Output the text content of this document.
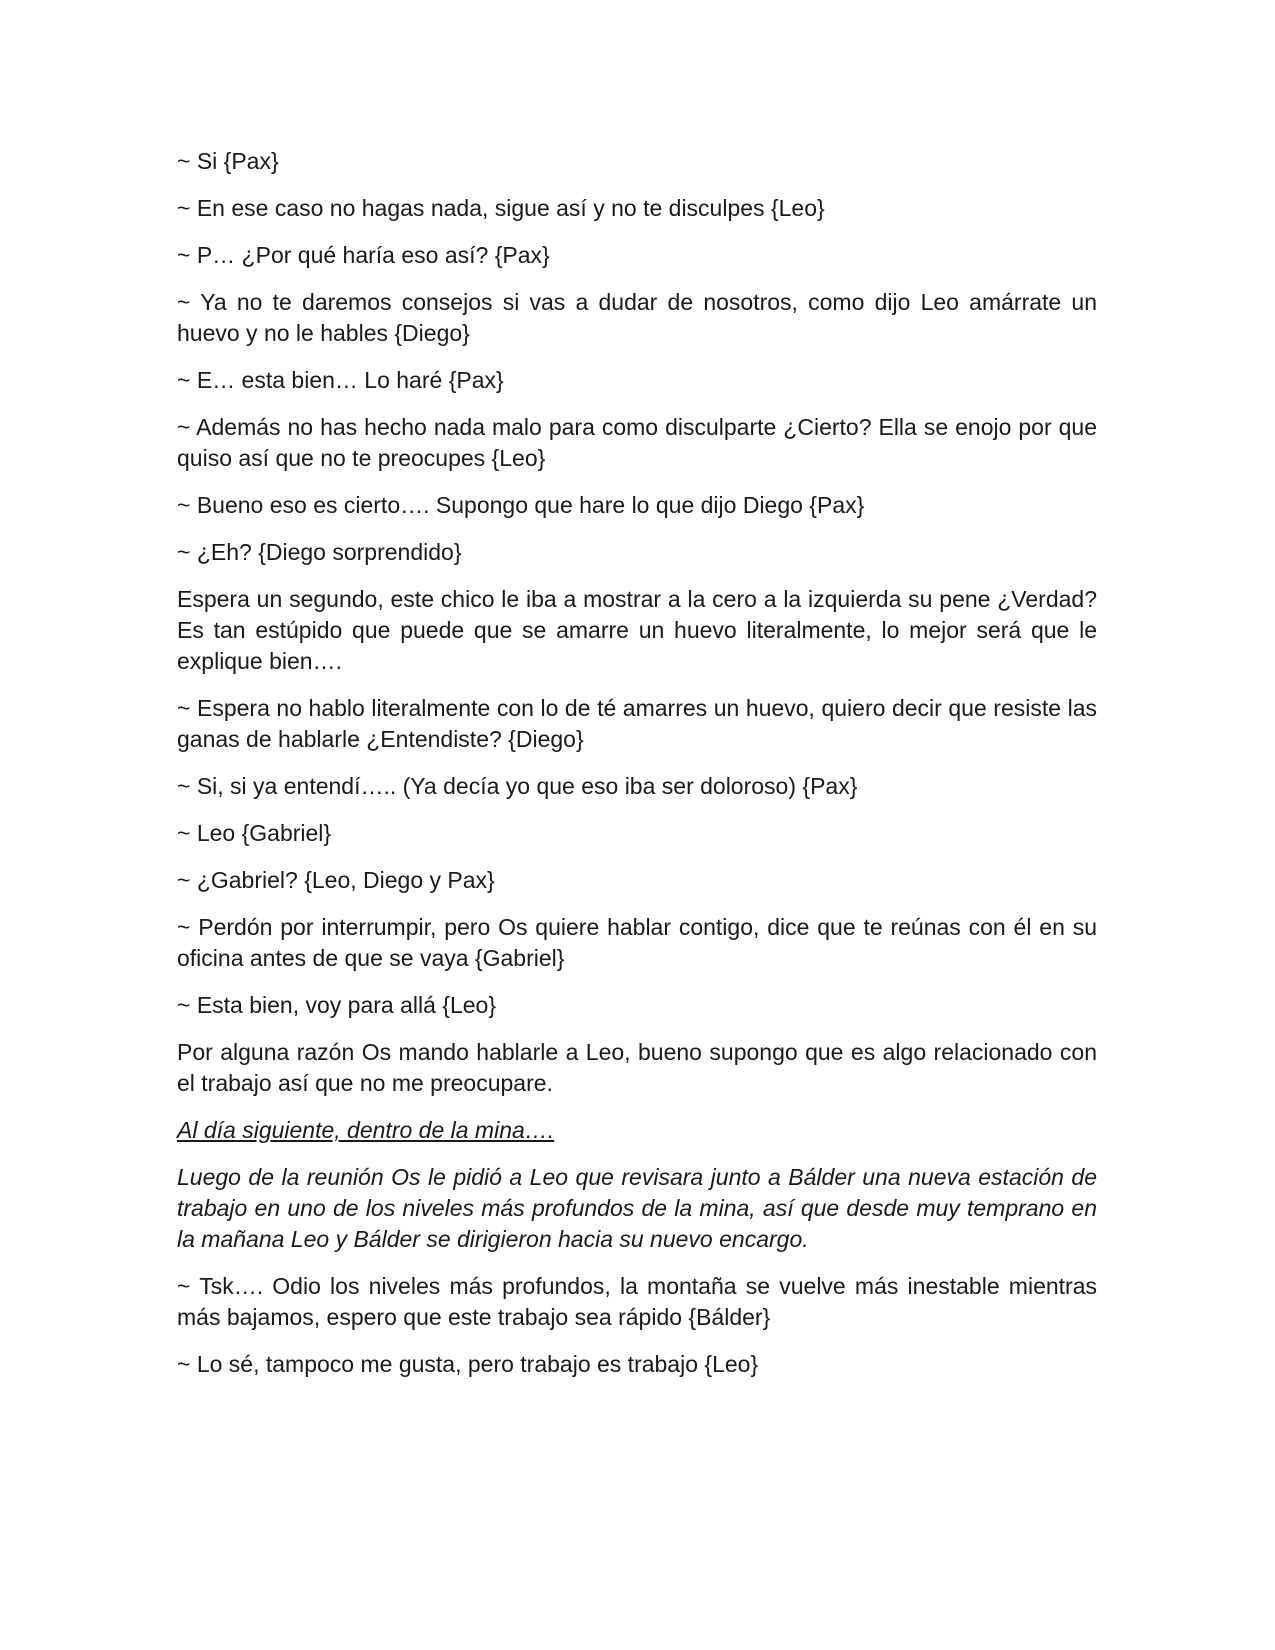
~ Si {Pax}

~ En ese caso no hagas nada, sigue así y no te disculpes {Leo}

~ P… ¿Por qué haría eso así? {Pax}

~ Ya no te daremos consejos si vas a dudar de nosotros, como dijo Leo amárrate un huevo y no le hables {Diego}

~ E… esta bien… Lo haré {Pax}

~ Además no has hecho nada malo para como disculparte ¿Cierto? Ella se enojo por que quiso así que no te preocupes {Leo}

~ Bueno eso es cierto…. Supongo que hare lo que dijo Diego {Pax}

~ ¿Eh? {Diego sorprendido}

Espera un segundo, este chico le iba a mostrar a la cero a la izquierda su pene ¿Verdad? Es tan estúpido que puede que se amarre un huevo literalmente, lo mejor será que le explique bien….

~ Espera no hablo literalmente con lo de té amarres un huevo, quiero decir que resiste las ganas de hablarle ¿Entendiste? {Diego}

~ Si, si ya entendí….. (Ya decía yo que eso iba ser doloroso) {Pax}

~ Leo {Gabriel}

~ ¿Gabriel? {Leo, Diego y Pax}

~ Perdón por interrumpir, pero Os quiere hablar contigo, dice que te reúnas con él en su oficina antes de que se vaya {Gabriel}

~ Esta bien, voy para allá {Leo}

Por alguna razón Os mando hablarle a Leo, bueno supongo que es algo relacionado con el trabajo así que no me preocupare.

Al día siguiente, dentro de la mina….

Luego de la reunión Os le pidió a Leo que revisara junto a Bálder una nueva estación de trabajo en uno de los niveles más profundos de la mina, así que desde muy temprano en la mañana Leo y Bálder se dirigieron hacia su nuevo encargo.

~ Tsk…. Odio los niveles más profundos, la montaña se vuelve más inestable mientras más bajamos, espero que este trabajo sea rápido {Bálder}

~ Lo sé, tampoco me gusta, pero trabajo es trabajo {Leo}
